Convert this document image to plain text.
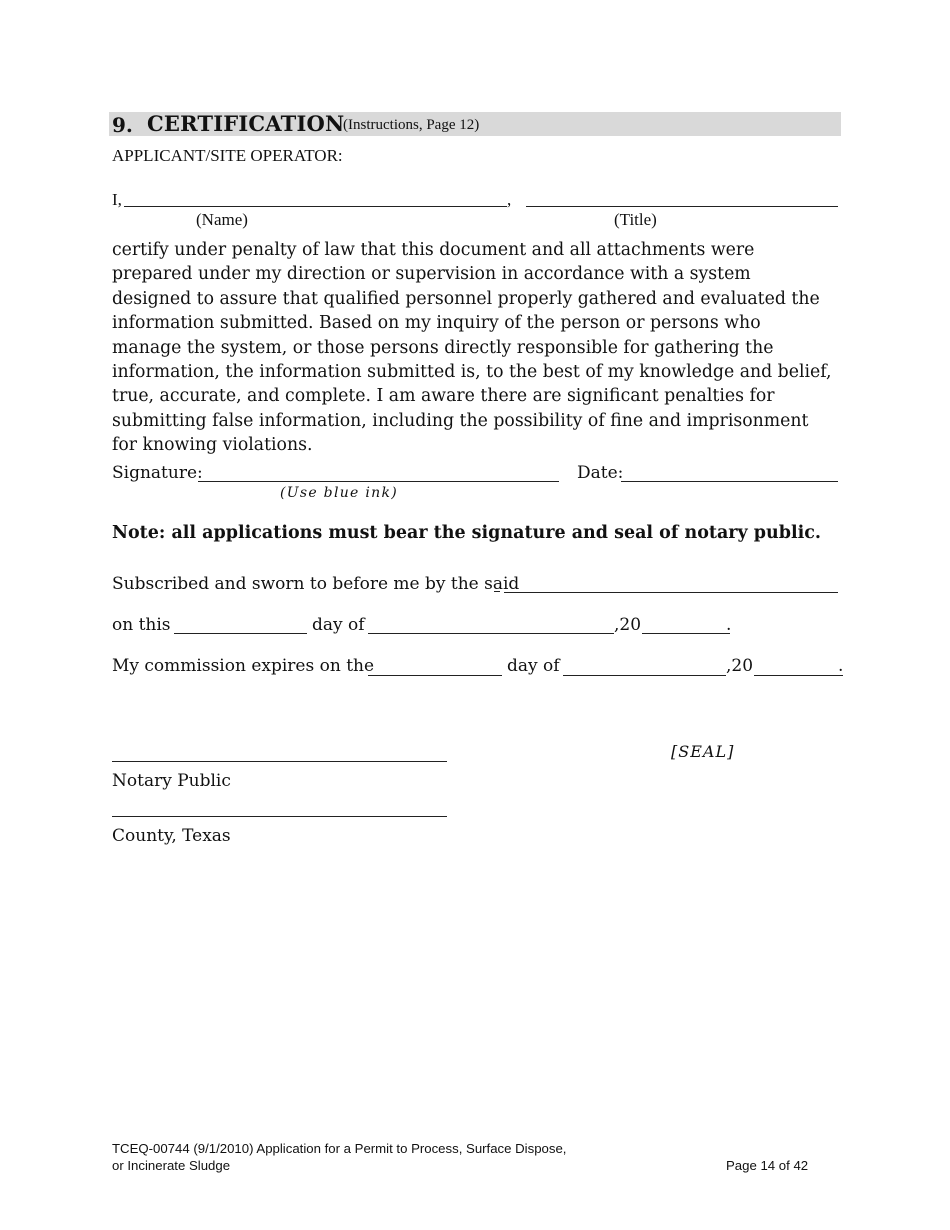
9. CERTIFICATION
(Instructions, Page 12)
APPLICANT/SITE OPERATOR:
I,	,
(Name)	(Title)
certify under penalty of law that this document and all attachments were prepared under my direction or supervision in accordance with a system designed to assure that qualified personnel properly gathered and evaluated the information submitted. Based on my inquiry of the person or persons who manage the system, or those persons directly responsible for gathering the information, the information submitted is, to the best of my knowledge and belief, true, accurate, and complete. I am aware there are significant penalties for submitting false information, including the possibility of fine and imprisonment for knowing violations.
Signature:
(Use blue ink)
Date:
Note: all applications must bear the signature and seal of notary public.
Subscribed and sworn to before me by the said
on this	day of	,20	.
My commission expires on the	day of	,20	.
[SEAL]
Notary Public
County, Texas
TCEQ-00744 (9/1/2010) Application for a Permit to Process, Surface Dispose,
or Incinerate Sludge	Page 14 of 42
